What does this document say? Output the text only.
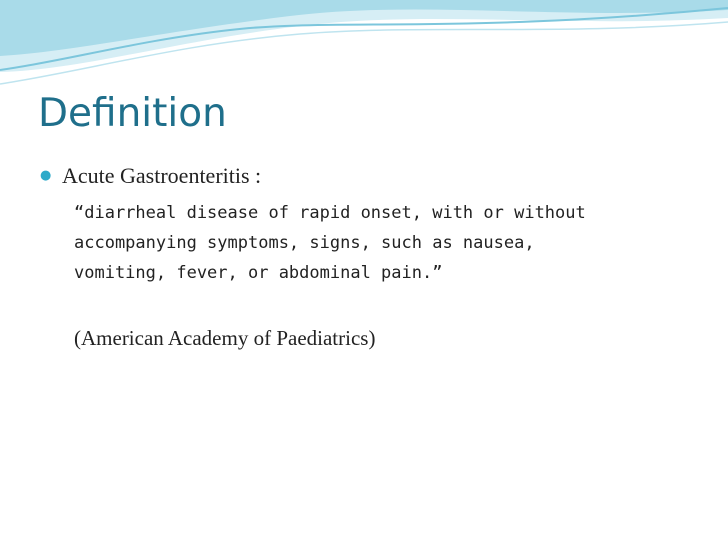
Definition
● Acute Gastroenteritis :

“diarrheal disease of rapid onset, with or without
accompanying symptoms, signs, such as nausea,
vomiting, fever, or abdominal pain.”

(American Academy of Paediatrics)
